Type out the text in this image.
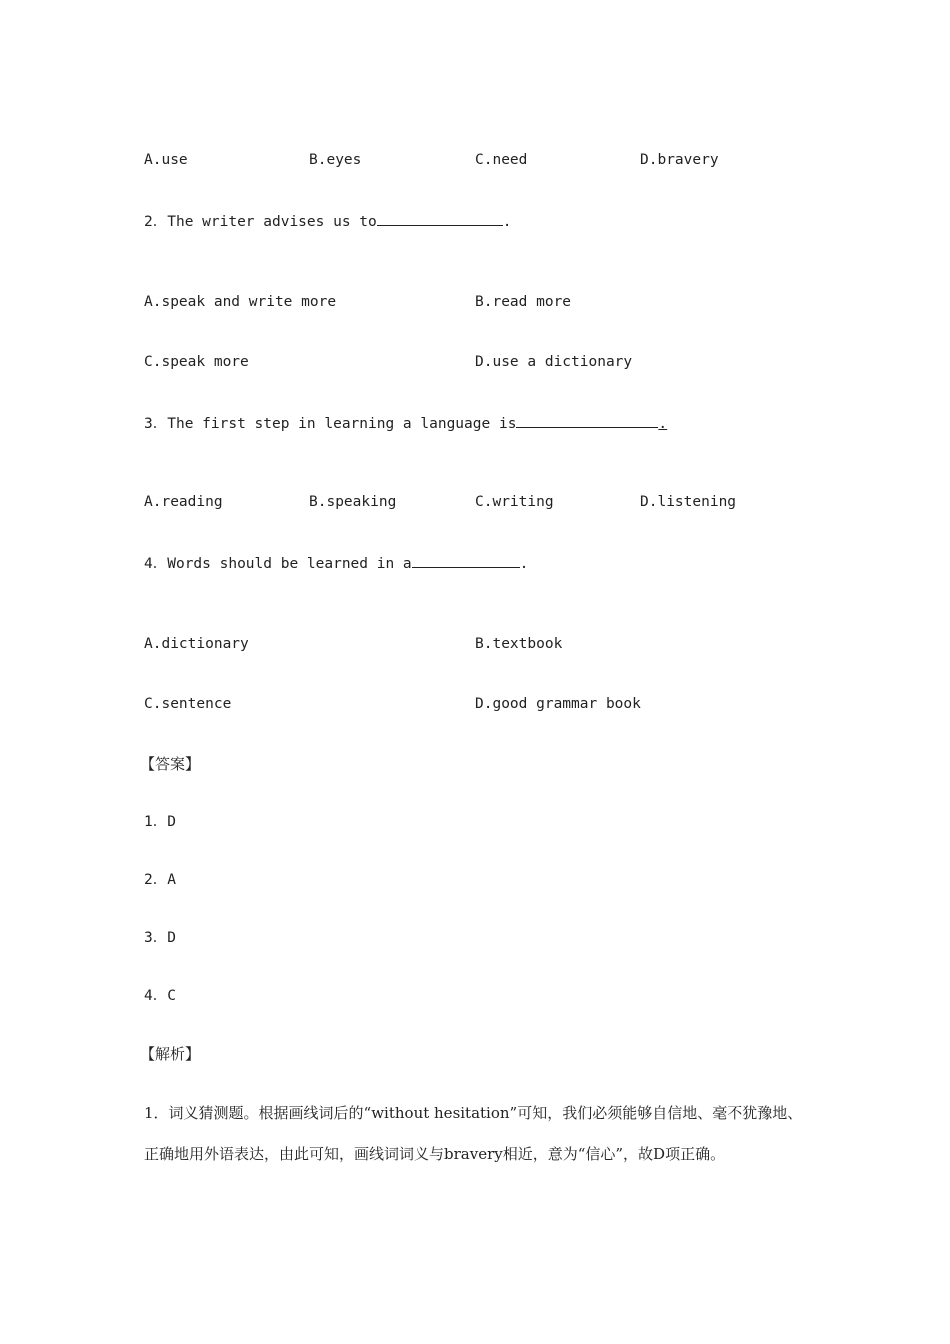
A.use	B.eyes	C.need	D.bravery
2．The writer advises us to	.
A.speak and write more	B.read more
C.speak more	D.use a dictionary
3．The first step in learning a language is	.
A.reading	B.speaking	C.writing	D.listening
4．Words should be learned in a	.
A.dictionary	B.textbook
C.sentence	D.good grammar book
【答案】
1．D
2．A
3．D
4．C
【解析】
1．词义猜测题。根据画线词后的“without hesitation”可知，我们必须能够自信地、毫不犹豫地、正确地用外语表达，由此可知，画线词词义与bravery相近，意为“信心”，故D项正确。
